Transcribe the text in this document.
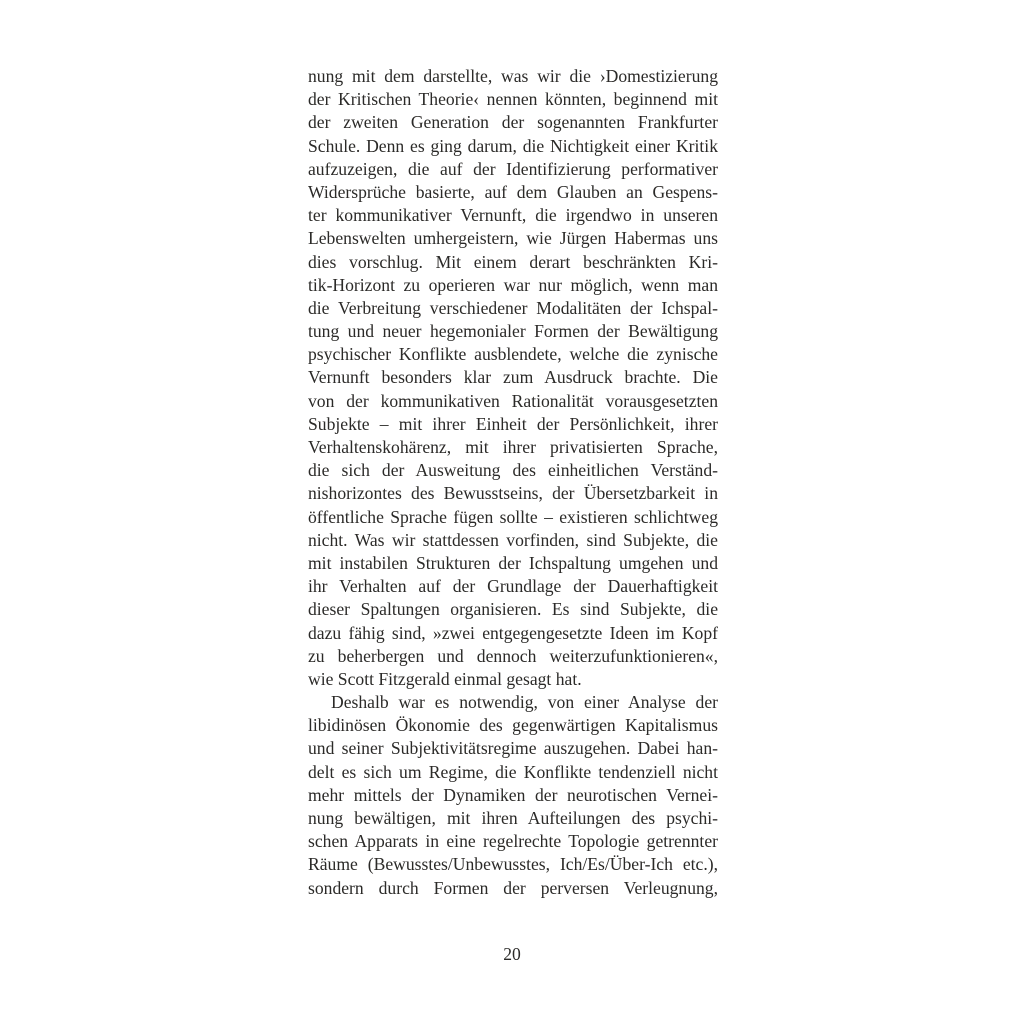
nung mit dem darstellte, was wir die ›Domestizierung
der Kritischen Theorie‹ nennen könnten, beginnend mit
der zweiten Generation der sogenannten Frankfurter
Schule. Denn es ging darum, die Nichtigkeit einer Kritik
aufzuzeigen, die auf der Identifizierung performativer
Widersprüche basierte, auf dem Glauben an Gespens-
ter kommunikativer Vernunft, die irgendwo in unseren
Lebenswelten umhergeistern, wie Jürgen Habermas uns
dies vorschlug. Mit einem derart beschränkten Kri-
tik-Horizont zu operieren war nur möglich, wenn man
die Verbreitung verschiedener Modalitäten der Ichspal-
tung und neuer hegemonialer Formen der Bewältigung
psychischer Konflikte ausblendete, welche die zynische
Vernunft besonders klar zum Ausdruck brachte. Die
von der kommunikativen Rationalität vorausgesetzten
Subjekte – mit ihrer Einheit der Persönlichkeit, ihrer
Verhaltenskohärenz, mit ihrer privatisierten Sprache,
die sich der Ausweitung des einheitlichen Verständ-
nishorizontes des Bewusstseins, der Übersetzbarkeit in
öffentliche Sprache fügen sollte – existieren schlichtweg
nicht. Was wir stattdessen vorfinden, sind Subjekte, die
mit instabilen Strukturen der Ichspaltung umgehen und
ihr Verhalten auf der Grundlage der Dauerhaftigkeit
dieser Spaltungen organisieren. Es sind Subjekte, die
dazu fähig sind, »zwei entgegengesetzte Ideen im Kopf
zu beherbergen und dennoch weiterzufunktionieren«,
wie Scott Fitzgerald einmal gesagt hat.
Deshalb war es notwendig, von einer Analyse der
libidinösen Ökonomie des gegenwärtigen Kapitalismus
und seiner Subjektivitätsregime auszugehen. Dabei han-
delt es sich um Regime, die Konflikte tendenziell nicht
mehr mittels der Dynamiken der neurotischen Vernei-
nung bewältigen, mit ihren Aufteilungen des psychi-
schen Apparats in eine regelrechte Topologie getrennter
Räume (Bewusstes/Unbewusstes, Ich/Es/Über-Ich etc.),
sondern durch Formen der perversen Verleugnung,
20
